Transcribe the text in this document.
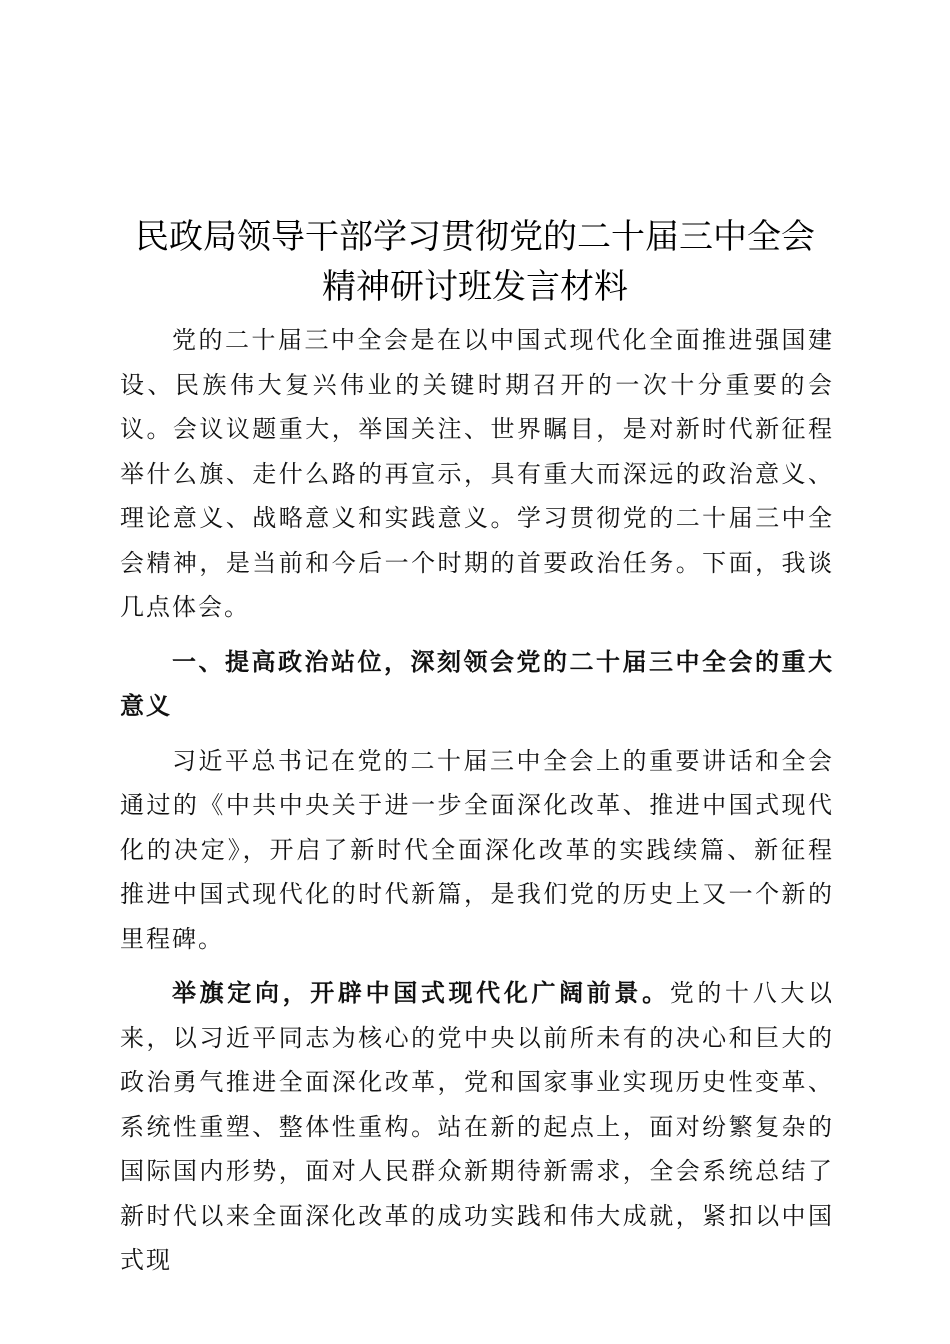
民政局领导干部学习贯彻党的二十届三中全会
精神研讨班发言材料

党的二十届三中全会是在以中国式现代化全面推进强国建设、民族伟大复兴伟业的关键时期召开的一次十分重要的会议。会议议题重大，举国关注、世界瞩目，是对新时代新征程举什么旗、走什么路的再宣示，具有重大而深远的政治意义、理论意义、战略意义和实践意义。学习贯彻党的二十届三中全会精神，是当前和今后一个时期的首要政治任务。下面，我谈几点体会。

一、提高政治站位，深刻领会党的二十届三中全会的重大意义

习近平总书记在党的二十届三中全会上的重要讲话和全会通过的《中共中央关于进一步全面深化改革、推进中国式现代化的决定》，开启了新时代全面深化改革的实践续篇、新征程推进中国式现代化的时代新篇，是我们党的历史上又一个新的里程碑。

举旗定向，开辟中国式现代化广阔前景。党的十八大以来，以习近平同志为核心的党中央以前所未有的决心和巨大的政治勇气推进全面深化改革，党和国家事业实现历史性变革、系统性重塑、整体性重构。站在新的起点上，面对纷繁复杂的国际国内形势，面对人民群众新期待新需求，全会系统总结了新时代以来全面深化改革的成功实践和伟大成就，紧扣以中国式现
